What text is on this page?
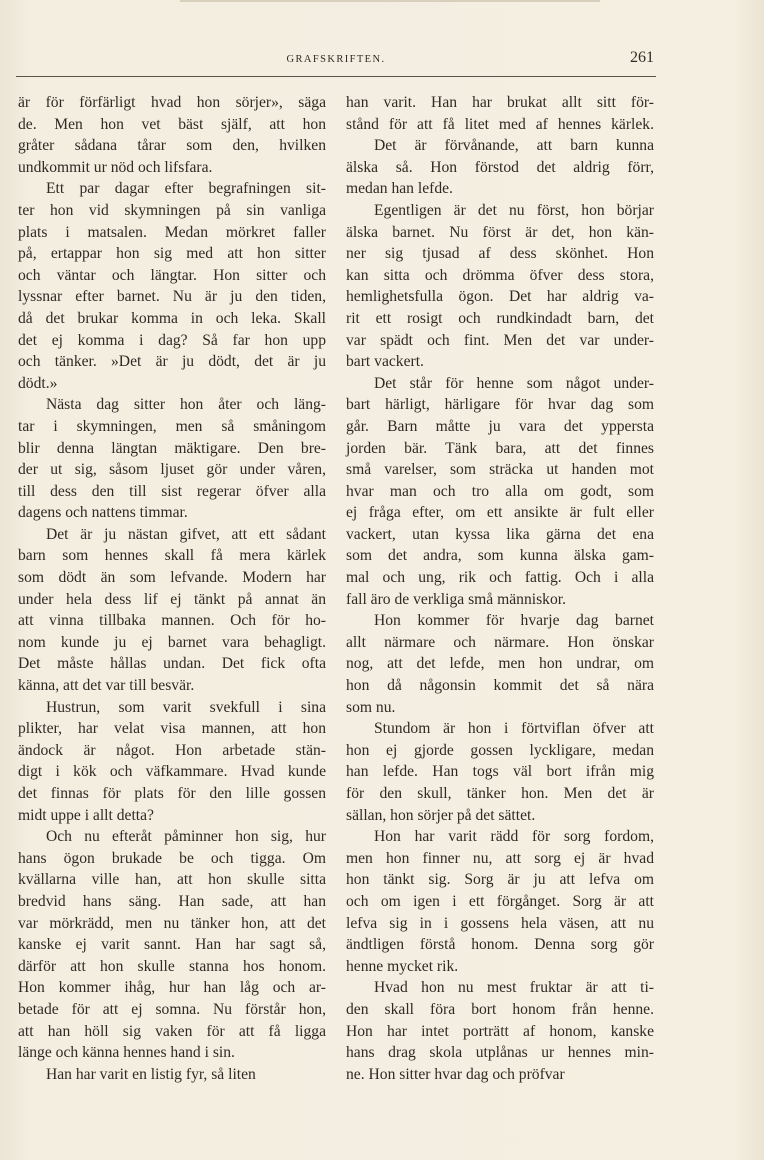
GRAFSKRIFTEN.	261
är för förfärligt hvad hon sörjer», säga
de. Men hon vet bäst själf, att hon
gråter sådana tårar som den, hvilken
undkommit ur nöd och lifsfara.
Ett par dagar efter begrafningen sit-
ter hon vid skymningen på sin vanliga
plats i matsalen. Medan mörkret faller
på, ertappar hon sig med att hon sitter
och väntar och längtar. Hon sitter och
lyssnar efter barnet. Nu är ju den tiden,
då det brukar komma in och leka. Skall
det ej komma i dag? Så far hon upp
och tänker. »Det är ju dödt, det är ju
dödt.»
Nästa dag sitter hon åter och läng-
tar i skymningen, men så småningom
blir denna längtan mäktigare. Den bre-
der ut sig, såsom ljuset gör under våren,
till dess den till sist regerar öfver alla
dagens och nattens timmar.
Det är ju nästan gifvet, att ett sådant
barn som hennes skall få mera kärlek
som dödt än som lefvande. Modern har
under hela dess lif ej tänkt på annat än
att vinna tillbaka mannen. Och för ho-
nom kunde ju ej barnet vara behagligt.
Det måste hållas undan. Det fick ofta
känna, att det var till besvär.
Hustrun, som varit svekfull i sina
plikter, har velat visa mannen, att hon
ändock är något. Hon arbetade stän-
digt i kök och väfkammare. Hvad kunde
det finnas för plats för den lille gossen
midt uppe i allt detta?
Och nu efteråt påminner hon sig, hur
hans ögon brukade be och tigga. Om
kvällarna ville han, att hon skulle sitta
bredvid hans säng. Han sade, att han
var mörkrädd, men nu tänker hon, att det
kanske ej varit sannt. Han har sagt så,
därför att hon skulle stanna hos honom.
Hon kommer ihåg, hur han låg och ar-
betade för att ej somna. Nu förstår hon,
att han höll sig vaken för att få ligga
länge och känna hennes hand i sin.
Han har varit en listig fyr, så liten
han varit. Han har brukat allt sitt för-
stånd för att få litet med af hennes kärlek.
Det är förvånande, att barn kunna
älska så. Hon förstod det aldrig förr,
medan han lefde.
Egentligen är det nu först, hon börjar
älska barnet. Nu först är det, hon kän-
ner sig tjusad af dess skönhet. Hon
kan sitta och drömma öfver dess stora,
hemlighetsfulla ögon. Det har aldrig va-
rit ett rosigt och rundkindadt barn, det
var spädt och fint. Men det var under-
bart vackert.
Det står för henne som något under-
bart härligt, härligare för hvar dag som
går. Barn måtte ju vara det yppersta
jorden bär. Tänk bara, att det finnes
små varelser, som sträcka ut handen mot
hvar man och tro alla om godt, som
ej fråga efter, om ett ansikte är fult eller
vackert, utan kyssa lika gärna det ena
som det andra, som kunna älska gam-
mal och ung, rik och fattig. Och i alla
fall äro de verkliga små människor.
Hon kommer för hvarje dag barnet
allt närmare och närmare. Hon önskar
nog, att det lefde, men hon undrar, om
hon då någonsin kommit det så nära
som nu.
Stundom är hon i förtviflan öfver att
hon ej gjorde gossen lyckligare, medan
han lefde. Han togs väl bort ifrån mig
för den skull, tänker hon. Men det är
sällan, hon sörjer på det sättet.
Hon har varit rädd för sorg fordom,
men hon finner nu, att sorg ej är hvad
hon tänkt sig. Sorg är ju att lefva om
och om igen i ett förgånget. Sorg är att
lefva sig in i gossens hela väsen, att nu
ändtligen förstå honom. Denna sorg gör
henne mycket rik.
Hvad hon nu mest fruktar är att ti-
den skall föra bort honom från henne.
Hon har intet porträtt af honom, kanske
hans drag skola utplånas ur hennes min-
ne. Hon sitter hvar dag och pröfvar
